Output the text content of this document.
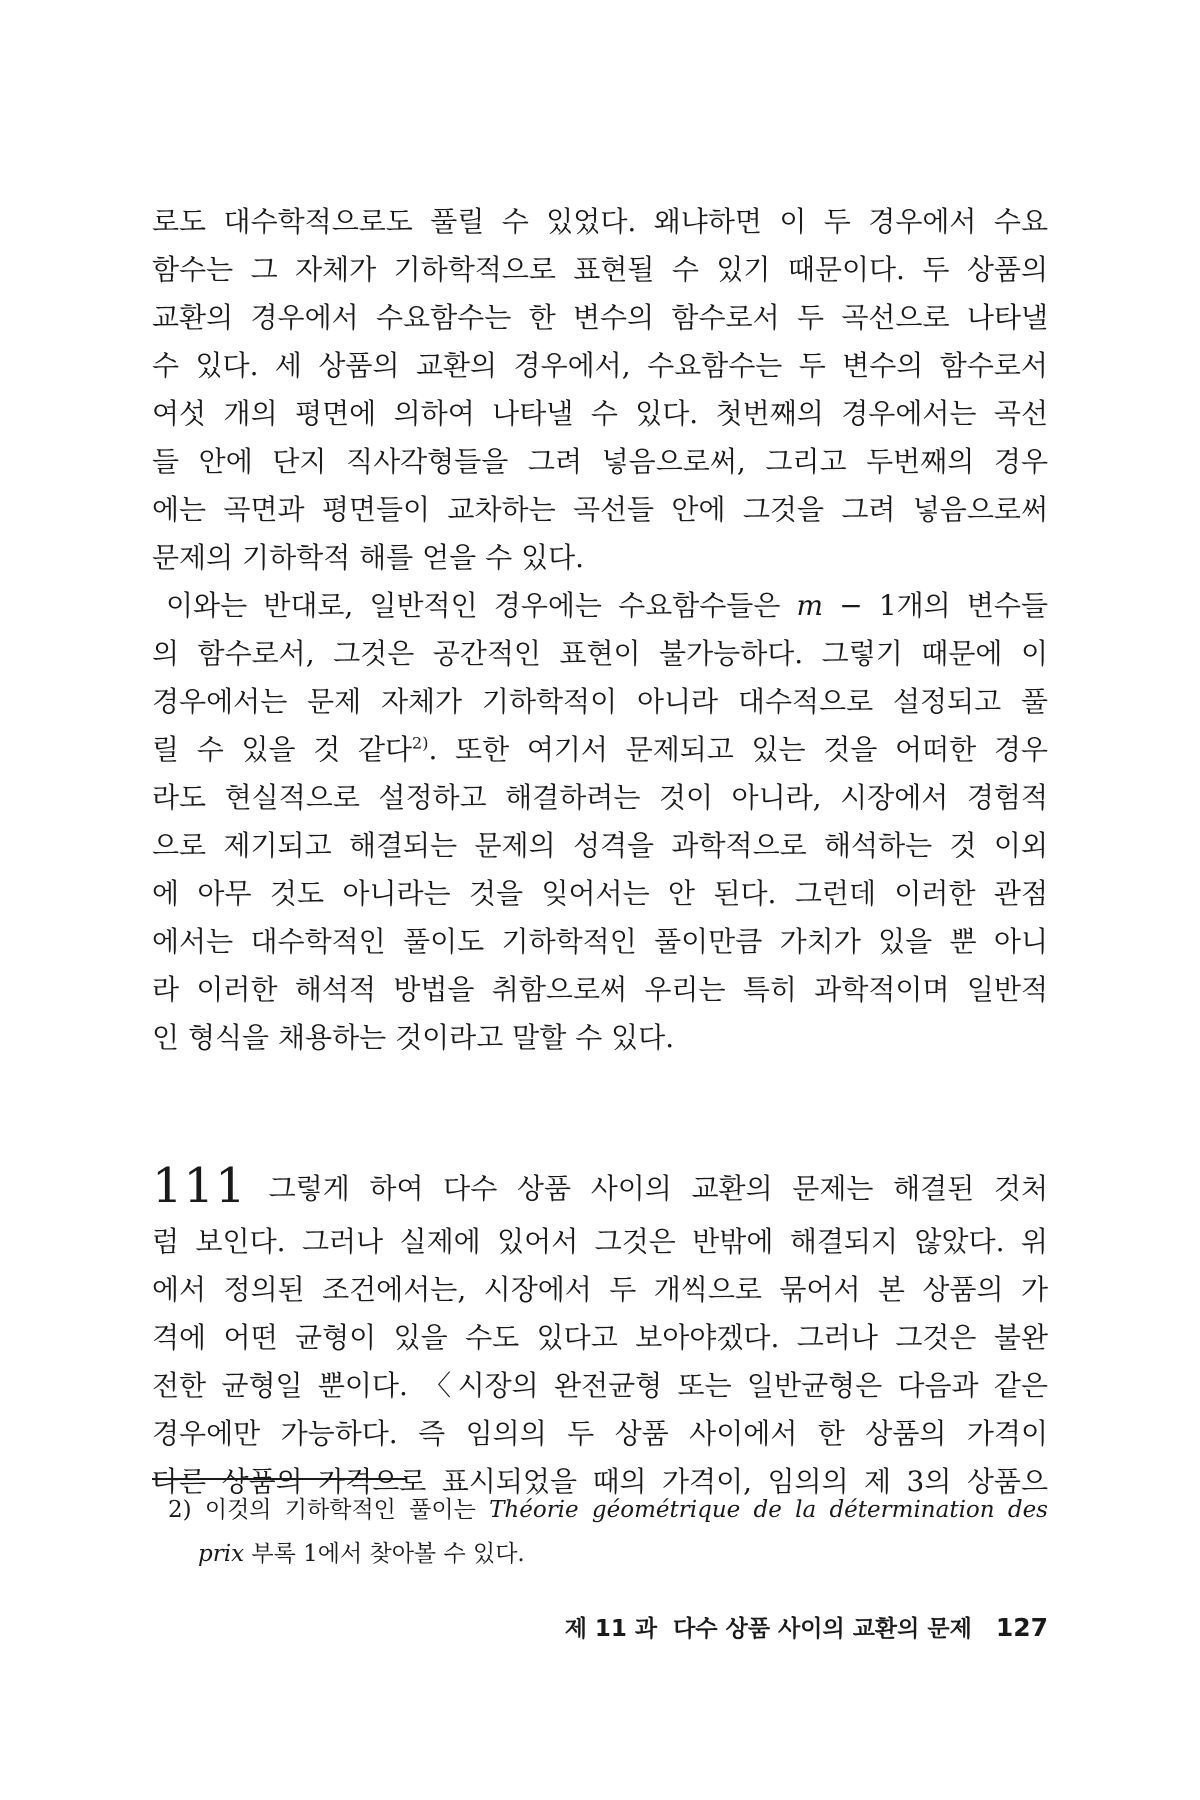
로도 대수학적으로도 풀릴 수 있었다. 왜냐하면 이 두 경우에서 수요
함수는 그 자체가 기하학적으로 표현될 수 있기 때문이다. 두 상품의
교환의 경우에서 수요함수는 한 변수의 함수로서 두 곡선으로 나타낼
수 있다. 세 상품의 교환의 경우에서, 수요함수는 두 변수의 함수로서
여섯 개의 평면에 의하여 나타낼 수 있다. 첫번째의 경우에서는 곡선
들 안에 단지 직사각형들을 그려 넣음으로써, 그리고 두번째의 경우
에는 곡면과 평면들이 교차하는 곡선들 안에 그것을 그려 넣음으로써
문제의 기하학적 해를 얻을 수 있다.
이와는 반대로, 일반적인 경우에는 수요함수들은 m − 1개의 변수들
의 함수로서, 그것은 공간적인 표현이 불가능하다. 그렇기 때문에 이
경우에서는 문제 자체가 기하학적이 아니라 대수적으로 설정되고 풀
릴 수 있을 것 같다$^{2)}$. 또한 여기서 문제되고 있는 것을 어떠한 경우
라도 현실적으로 설정하고 해결하려는 것이 아니라, 시장에서 경험적
으로 제기되고 해결되는 문제의 성격을 과학적으로 해석하는 것 이외
에 아무 것도 아니라는 것을 잊어서는 안 된다. 그런데 이러한 관점
에서는 대수학적인 풀이도 기하학적인 풀이만큼 가치가 있을 뿐 아니
라 이러한 해석적 방법을 취함으로써 우리는 특히 과학적이며 일반적
인 형식을 채용하는 것이라고 말할 수 있다.
111 그렇게 하여 다수 상품 사이의 교환의 문제는 해결된 것처
럼 보인다. 그러나 실제에 있어서 그것은 반밖에 해결되지 않았다. 위
에서 정의된 조건에서는, 시장에서 두 개씩으로 묶어서 본 상품의 가
격에 어떤 균형이 있을 수도 있다고 보아야겠다. 그러나 그것은 불완
전한 균형일 뿐이다. 〈시장의 완전균형 또는 일반균형은 다음과 같은
경우에만 가능하다. 즉 임의의 두 상품 사이에서 한 상품의 가격이
다른 상품의 가격으로 표시되었을 때의 가격이, 임의의 제 3의 상품으
2) 이것의 기하학적인 풀이는 Théorie géométrique de la détermination des
prix 부록 1에서 찾아볼 수 있다.
제 11 과  다수 상품 사이의 교환의 문제 127
